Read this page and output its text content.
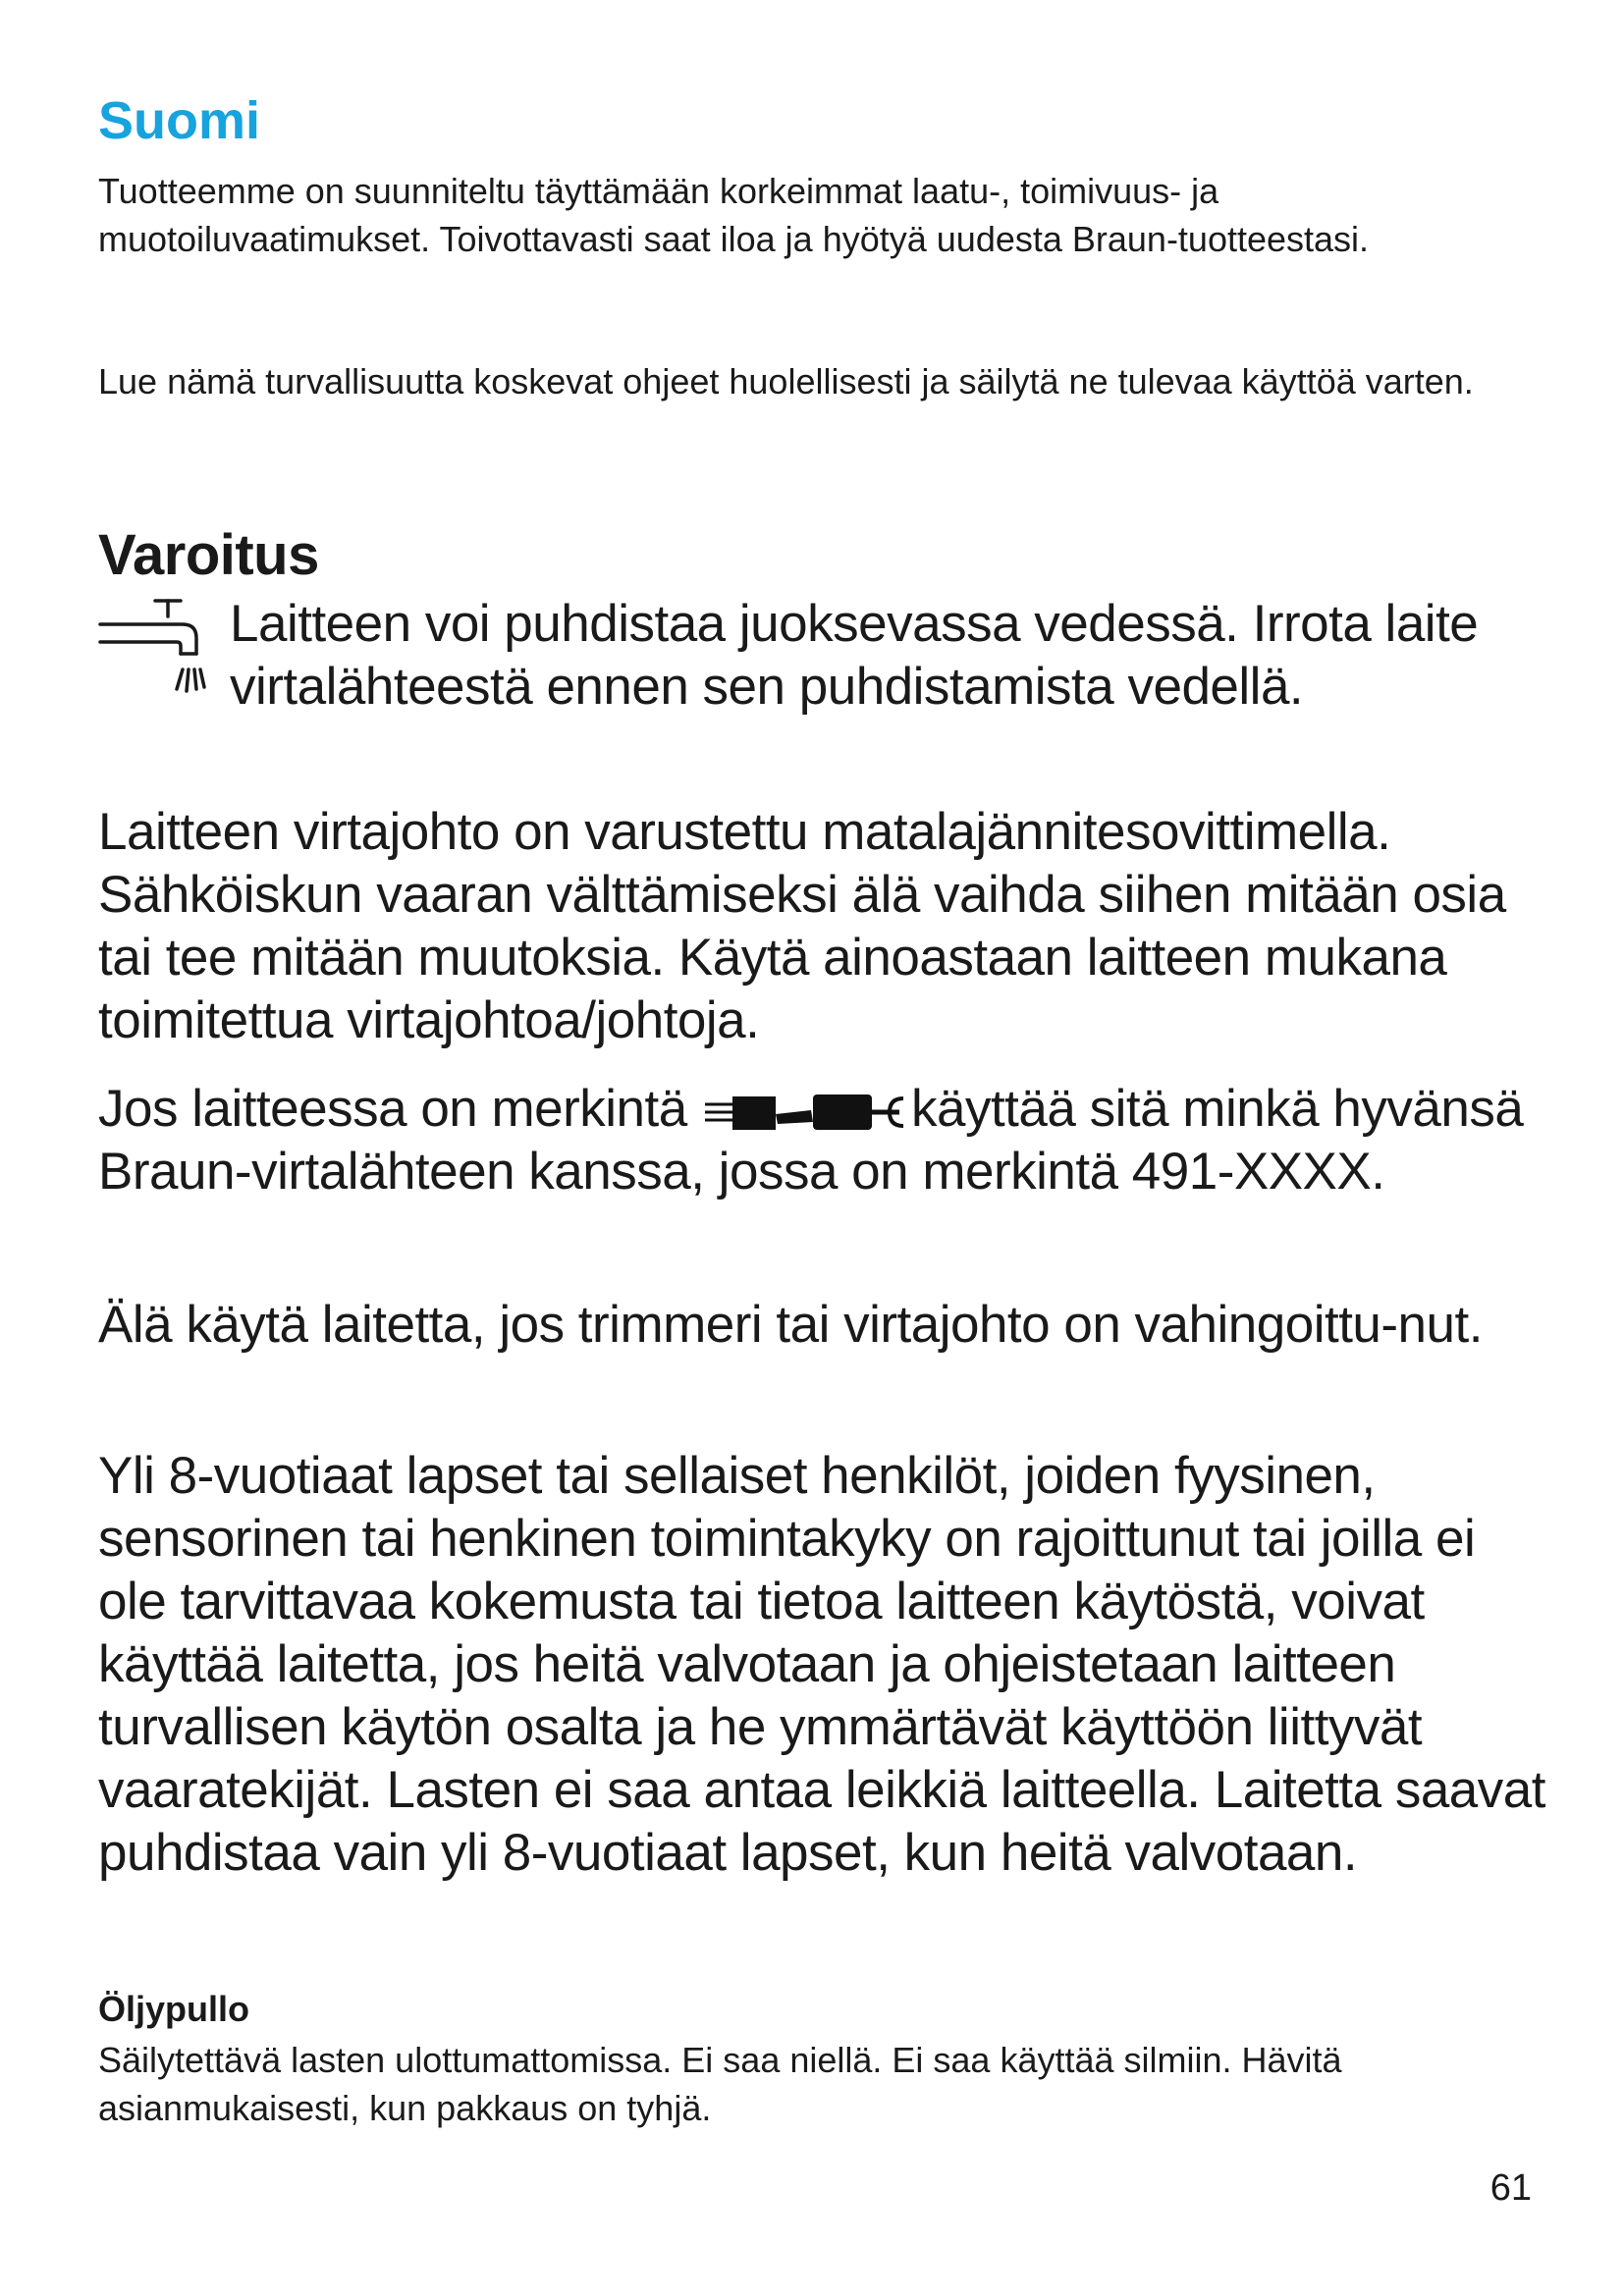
Suomi

Tuotteemme on suunniteltu täyttämään korkeimmat laatu-, toimivuus- ja muotoiluvaatimukset. Toivottavasti saat iloa ja hyötyä uudesta Braun-tuotteestasi.

Lue nämä turvallisuutta koskevat ohjeet huolellisesti ja säilytä ne tulevaa käyttöä varten.

Varoitus

Laitteen voi puhdistaa juoksevassa vedessä. Irrota laite virtalähteestä ennen sen puhdistamista vedellä.

Laitteen virtajohto on varustettu matalajännitesovittimella. Sähköiskun vaaran välttämiseksi älä vaihda siihen mitään osia tai tee mitään muutoksia. Käytä ainoastaan laitteen mukana toimitettua virtajohtoa/johtoja.

Jos laitteessa on merkintä	käyttää sitä minkä hyvänsä Braun-virtalähteen kanssa, jossa on merkintä 491-XXXX.

Älä käytä laitetta, jos trimmeri tai virtajohto on vahingoittu-nut.

Yli 8-vuotiaat lapset tai sellaiset henkilöt, joiden fyysinen, sensorinen tai henkinen toimintakyky on rajoittunut tai joilla ei ole tarvittavaa kokemusta tai tietoa laitteen käytöstä, voivat käyttää laitetta, jos heitä valvotaan ja ohjeistetaan laitteen turvallisen käytön osalta ja he ymmärtävät käyttöön liittyvät vaaratekijät. Lasten ei saa antaa leikkiä laitteella. Laitetta saavat puhdistaa vain yli 8-vuotiaat lapset, kun heitä valvotaan.

Öljypullo

Säilytettävä lasten ulottumattomissa. Ei saa niellä. Ei saa käyttää silmiin. Hävitä asianmukaisesti, kun pakkaus on tyhjä.

61
